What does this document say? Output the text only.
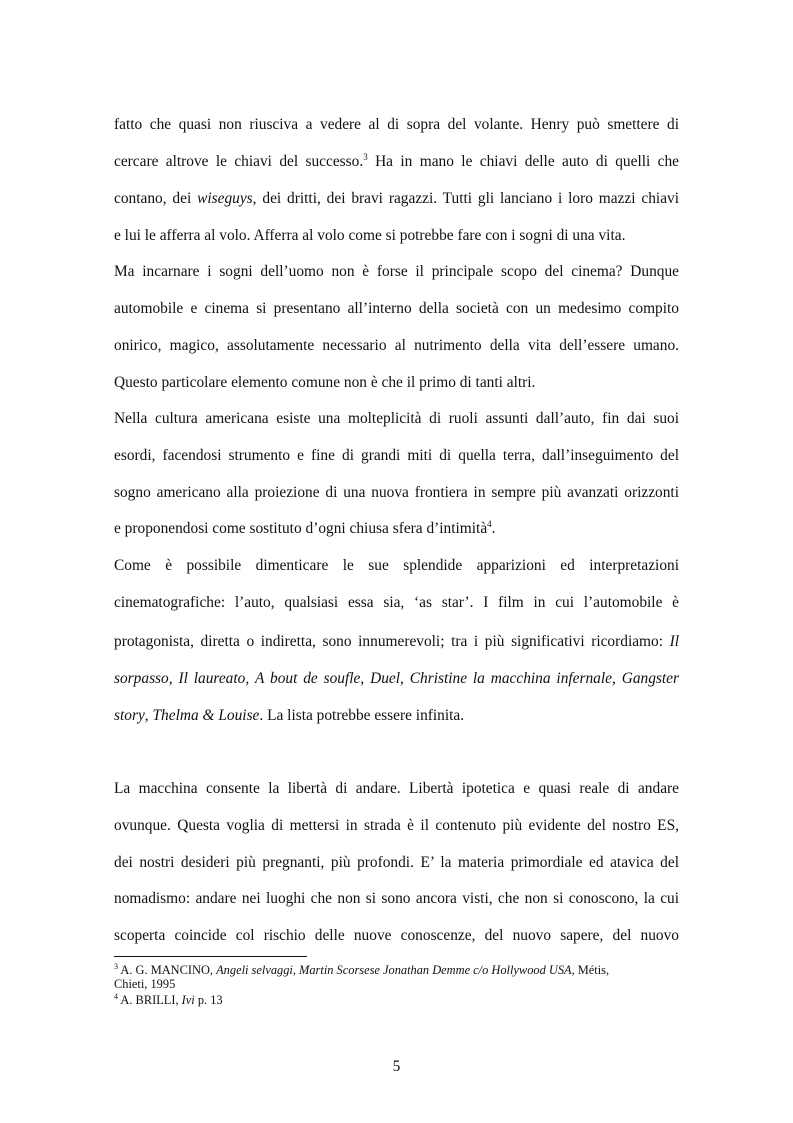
fatto che quasi non riusciva a vedere al di sopra del volante. Henry può smettere di
cercare altrove le chiavi del successo.$^3$ Ha in mano le chiavi delle auto di quelli che
contano, dei wiseguys, dei dritti, dei bravi ragazzi. Tutti gli lanciano i loro mazzi chiavi
e lui le afferra al volo. Afferra al volo come si potrebbe fare con i sogni di una vita.
Ma incarnare i sogni dell’uomo non è forse il principale scopo del cinema? Dunque
automobile e cinema si presentano all’interno della società con un medesimo compito
onirico, magico, assolutamente necessario al nutrimento della vita dell’essere umano.
Questo particolare elemento comune non è che il primo di tanti altri.
Nella cultura americana esiste una molteplicità di ruoli assunti dall’auto, fin dai suoi
esordi, facendosi strumento e fine di grandi miti di quella terra, dall’inseguimento del
sogno americano alla proiezione di una nuova frontiera in sempre più avanzati orizzonti
e proponendosi come sostituto d’ogni chiusa sfera d’intimità$^4$.
Come è possibile dimenticare le sue splendide apparizioni ed interpretazioni
cinematografiche: l’auto, qualsiasi essa sia, ‘as star’. I film in cui l’automobile è
protagonista, diretta o indiretta, sono innumerevoli; tra i più significativi ricordiamo: Il
sorpasso, Il laureato, A bout de soufle, Duel, Christine la macchina infernale, Gangster
story, Thelma & Louise. La lista potrebbe essere infinita.
La macchina consente la libertà di andare. Libertà ipotetica e quasi reale di andare
ovunque. Questa voglia di mettersi in strada è il contenuto più evidente del nostro ES,
dei nostri desideri più pregnanti, più profondi. E’ la materia primordiale ed atavica del
nomadismo: andare nei luoghi che non si sono ancora visti, che non si conoscono, la cui
scoperta coincide col rischio delle nuove conoscenze, del nuovo sapere, del nuovo
$^3$ A. G. MANCINO, Angeli selvaggi, Martin Scorsese Jonathan Demme c/o Hollywood USA, Métis,
Chieti, 1995
$^4$ A. BRILLI, Ivi p. 13
5
